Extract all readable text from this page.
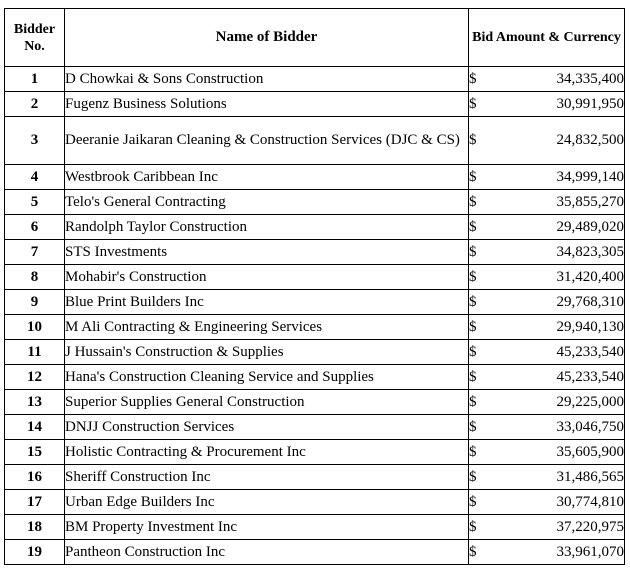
Bidder No.	Name of Bidder	Bid Amount & Currency
1	D Chowkai & Sons Construction	$ 34,335,400

2	Fugenz Business Solutions	$ 30,991,950

3	Deeranie Jaikaran Cleaning & Construction Services (DJC & CS)	$ 24,832,500

4	Westbrook Caribbean Inc	$ 34,999,140

5	Telo's General Contracting	$ 35,855,270

6	Randolph Taylor Construction	$ 29,489,020

7	STS Investments	$ 34,823,305

8	Mohabir's Construction	$ 31,420,400

9	Blue Print Builders Inc	$ 29,768,310

10	M Ali Contracting & Engineering Services	$ 29,940,130

11	J Hussain's Construction & Supplies	$ 45,233,540

12	Hana's Construction Cleaning Service and Supplies	$ 45,233,540

13	Superior Supplies General Construction	$ 29,225,000

14	DNJJ Construction Services	$ 33,046,750

15	Holistic Contracting & Procurement Inc	$ 35,605,900

16	Sheriff Construction Inc	$ 31,486,565

17	Urban Edge Builders Inc	$ 30,774,810

18	BM Property Investment Inc	$ 37,220,975

19	Pantheon Construction Inc	$ 33,961,070
